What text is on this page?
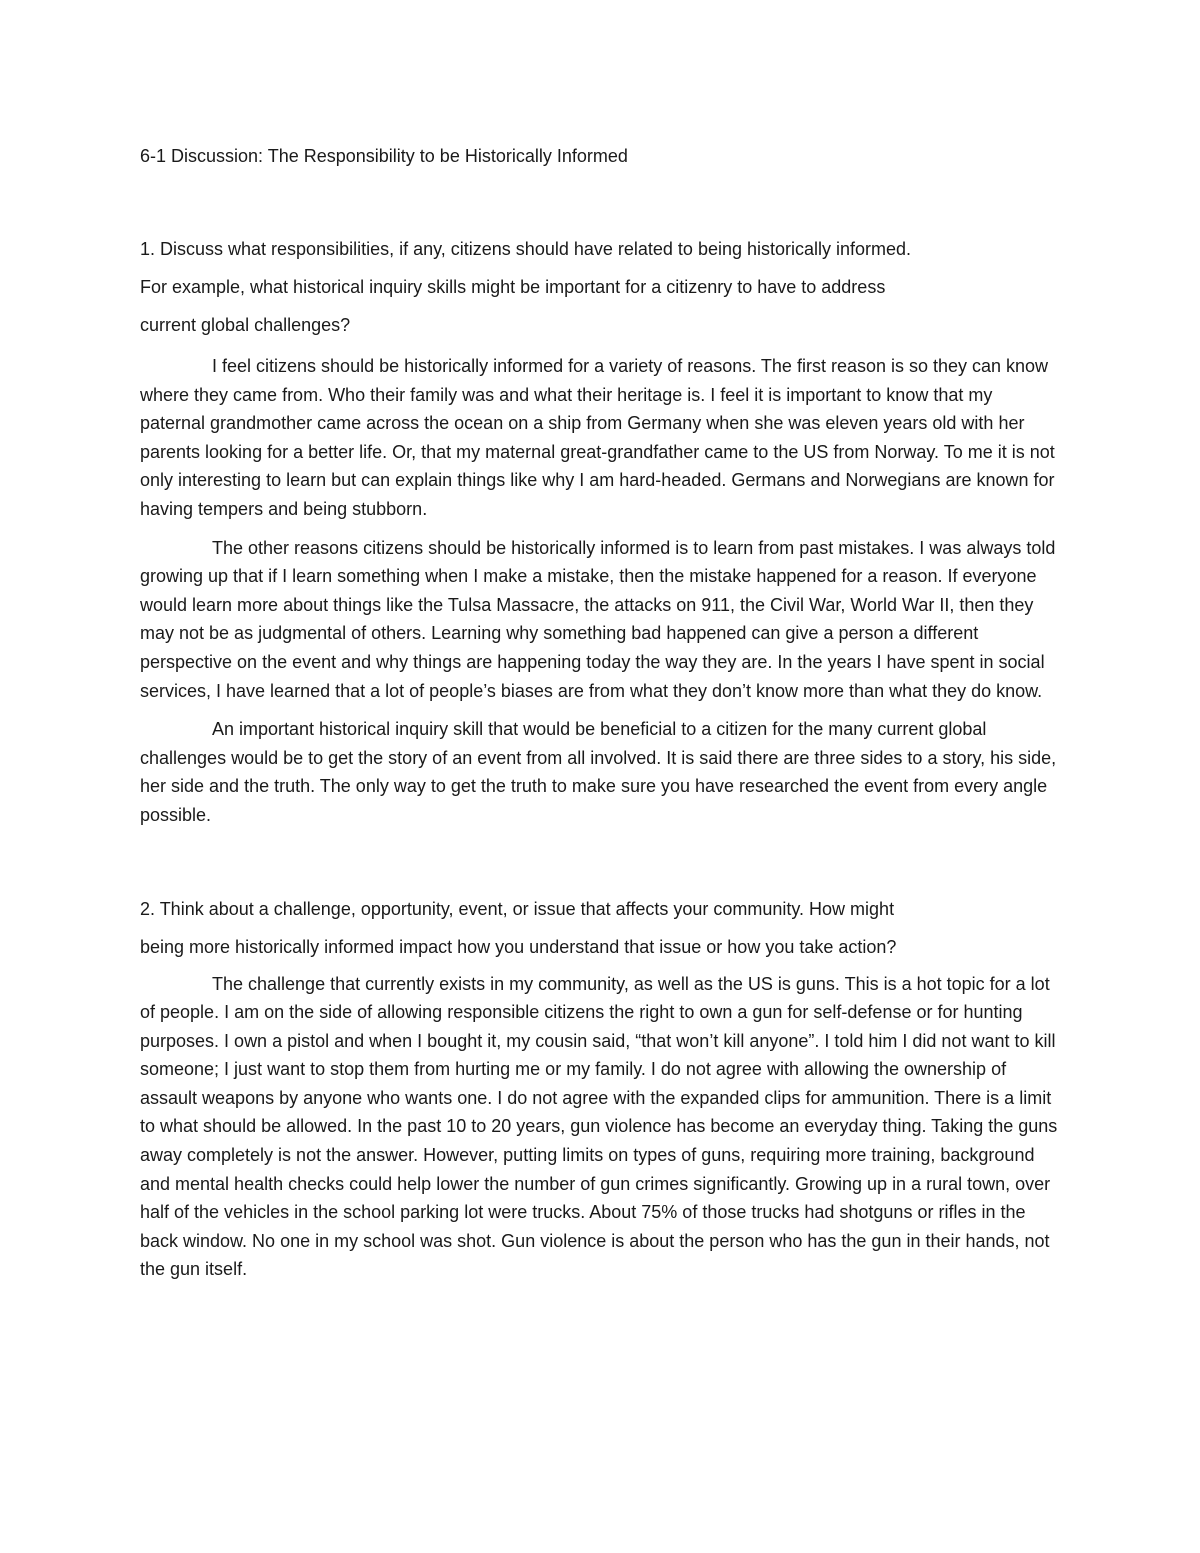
6-1 Discussion: The Responsibility to be Historically Informed

1. Discuss what responsibilities, if any, citizens should have related to being historically informed.

For example, what historical inquiry skills might be important for a citizenry to have to address

current global challenges?

I feel citizens should be historically informed for a variety of reasons. The first reason is so they can know where they came from. Who their family was and what their heritage is. I feel it is important to know that my paternal grandmother came across the ocean on a ship from Germany when she was eleven years old with her parents looking for a better life. Or, that my maternal great-grandfather came to the US from Norway. To me it is not only interesting to learn but can explain things like why I am hard-headed. Germans and Norwegians are known for having tempers and being stubborn.

The other reasons citizens should be historically informed is to learn from past mistakes. I was always told growing up that if I learn something when I make a mistake, then the mistake happened for a reason. If everyone would learn more about things like the Tulsa Massacre, the attacks on 911, the Civil War, World War II, then they may not be as judgmental of others. Learning why something bad happened can give a person a different perspective on the event and why things are happening today the way they are. In the years I have spent in social services, I have learned that a lot of people’s biases are from what they don’t know more than what they do know.

An important historical inquiry skill that would be beneficial to a citizen for the many current global challenges would be to get the story of an event from all involved. It is said there are three sides to a story, his side, her side and the truth. The only way to get the truth to make sure you have researched the event from every angle possible.

2. Think about a challenge, opportunity, event, or issue that affects your community. How might

being more historically informed impact how you understand that issue or how you take action?

The challenge that currently exists in my community, as well as the US is guns. This is a hot topic for a lot of people. I am on the side of allowing responsible citizens the right to own a gun for self-defense or for hunting purposes. I own a pistol and when I bought it, my cousin said, “that won’t kill anyone”. I told him I did not want to kill someone; I just want to stop them from hurting me or my family. I do not agree with allowing the ownership of assault weapons by anyone who wants one. I do not agree with the expanded clips for ammunition. There is a limit to what should be allowed. In the past 10 to 20 years, gun violence has become an everyday thing. Taking the guns away completely is not the answer. However, putting limits on types of guns, requiring more training, background and mental health checks could help lower the number of gun crimes significantly. Growing up in a rural town, over half of the vehicles in the school parking lot were trucks. About 75% of those trucks had shotguns or rifles in the back window. No one in my school was shot. Gun violence is about the person who has the gun in their hands, not the gun itself.
